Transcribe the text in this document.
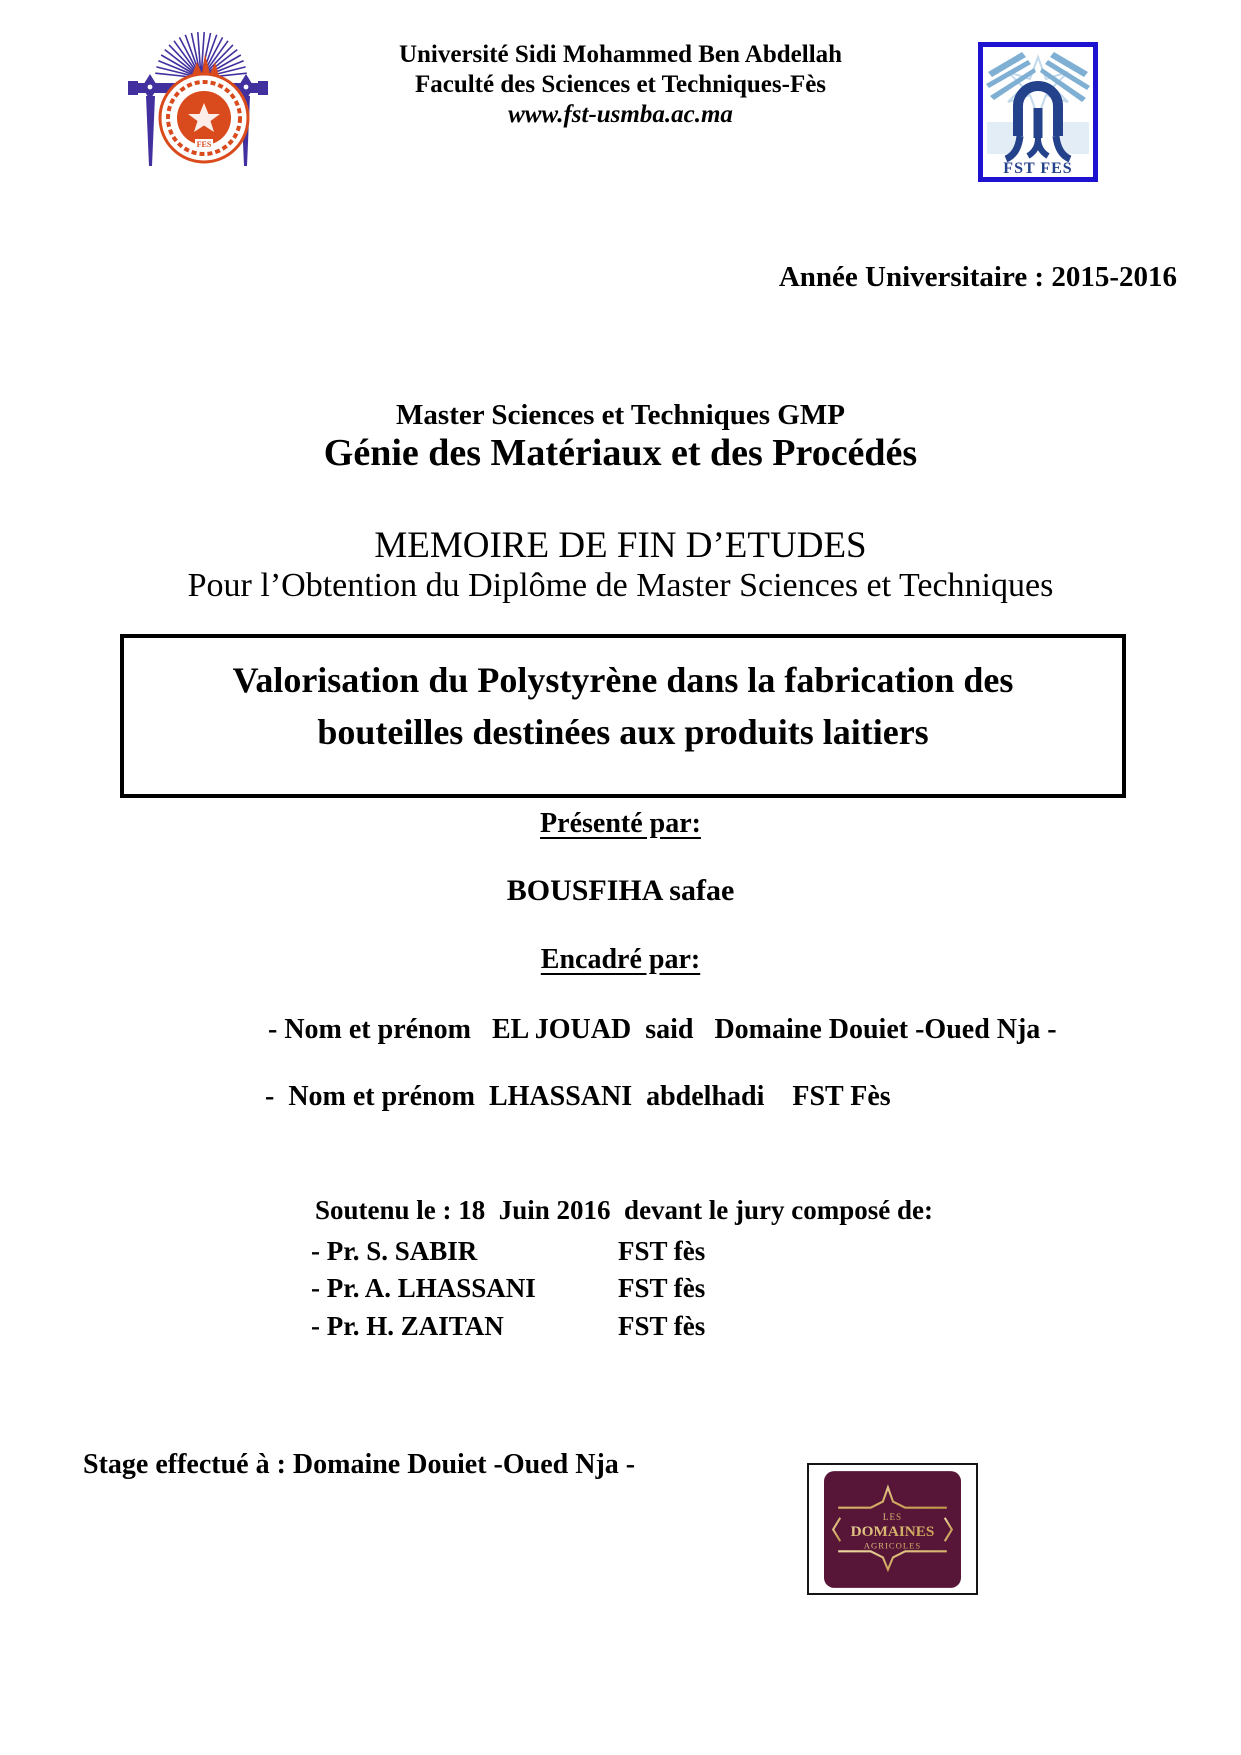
FES
Université Sidi Mohammed Ben Abdellah
Faculté des Sciences et Techniques-Fès
www.fst-usmba.ac.ma
FST FES
Année Universitaire : 2015-2016
Master Sciences et Techniques GMP
Génie des Matériaux et des Procédés
MEMOIRE DE FIN D’ETUDES
Pour l’Obtention du Diplôme de Master Sciences et Techniques
Valorisation du Polystyrène dans la fabrication des
bouteilles destinées aux produits laitiers
Présenté par:
BOUSFIHA safae
Encadré par:
- Nom et prénom   EL JOUAD  said   Domaine Douiet -Oued Nja -
-  Nom et prénom  LHASSANI  abdelhadi    FST Fès
Soutenu le : 18  Juin 2016  devant le jury composé de:
- Pr. S. SABIR	FST fès
- Pr. A. LHASSANI	FST fès
- Pr. H. ZAITAN	FST fès
Stage effectué à : Domaine Douiet -Oued Nja -
LES
DOMAINES
AGRICOLES
